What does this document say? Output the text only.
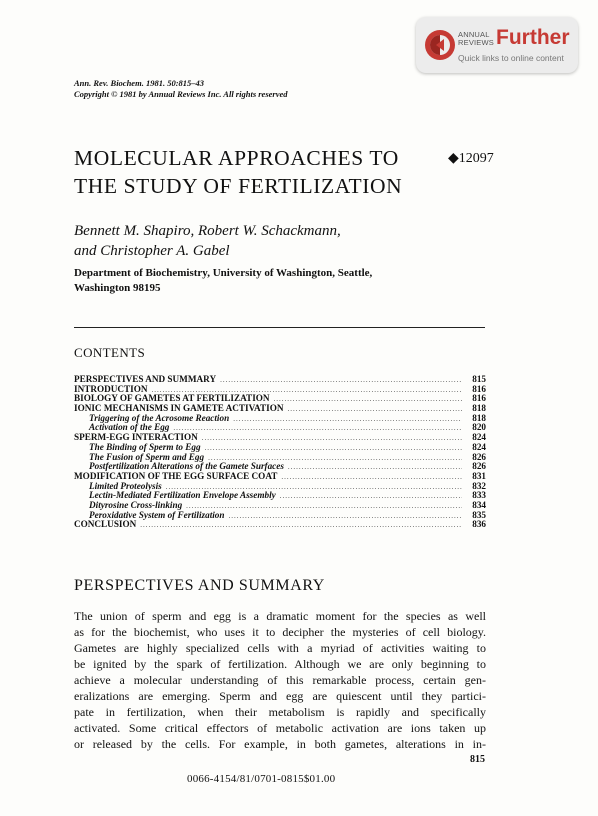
ANNUAL
REVIEWS Further
Quick links to online content
Ann. Rev. Biochem. 1981. 50:815–43
Copyright © 1981 by Annual Reviews Inc. All rights reserved
MOLECULAR APPROACHES TO
THE STUDY OF FERTILIZATION
◆12097
Bennett M. Shapiro, Robert W. Schackmann,
and Christopher A. Gabel
Department of Biochemistry, University of Washington, Seattle,
Washington 98195
CONTENTS
PERSPECTIVES AND SUMMARY .....	815
INTRODUCTION .....	816
BIOLOGY OF GAMETES AT FERTILIZATION .....	816
IONIC MECHANISMS IN GAMETE ACTIVATION .....	818
Triggering of the Acrosome Reaction .....	818
Activation of the Egg .....	820
SPERM-EGG INTERACTION .....	824
The Binding of Sperm to Egg .....	824
The Fusion of Sperm and Egg .....	826
Postfertilization Alterations of the Gamete Surfaces .....	826
MODIFICATION OF THE EGG SURFACE COAT .....	831
Limited Proteolysis .....	832
Lectin-Mediated Fertilization Envelope Assembly .....	833
Dityrosine Cross-linking .....	834
Peroxidative System of Fertilization .....	835
CONCLUSION .....	836
PERSPECTIVES AND SUMMARY
The union of sperm and egg is a dramatic moment for the species as well
as for the biochemist, who uses it to decipher the mysteries of cell biology.
Gametes are highly specialized cells with a myriad of activities waiting to
be ignited by the spark of fertilization. Although we are only beginning to
achieve a molecular understanding of this remarkable process, certain gen-
eralizations are emerging. Sperm and egg are quiescent until they partici-
pate in fertilization, when their metabolism is rapidly and specifically
activated. Some critical effectors of metabolic activation are ions taken up
or released by the cells. For example, in both gametes, alterations in in-
815
0066-4154/81/0701-0815$01.00
